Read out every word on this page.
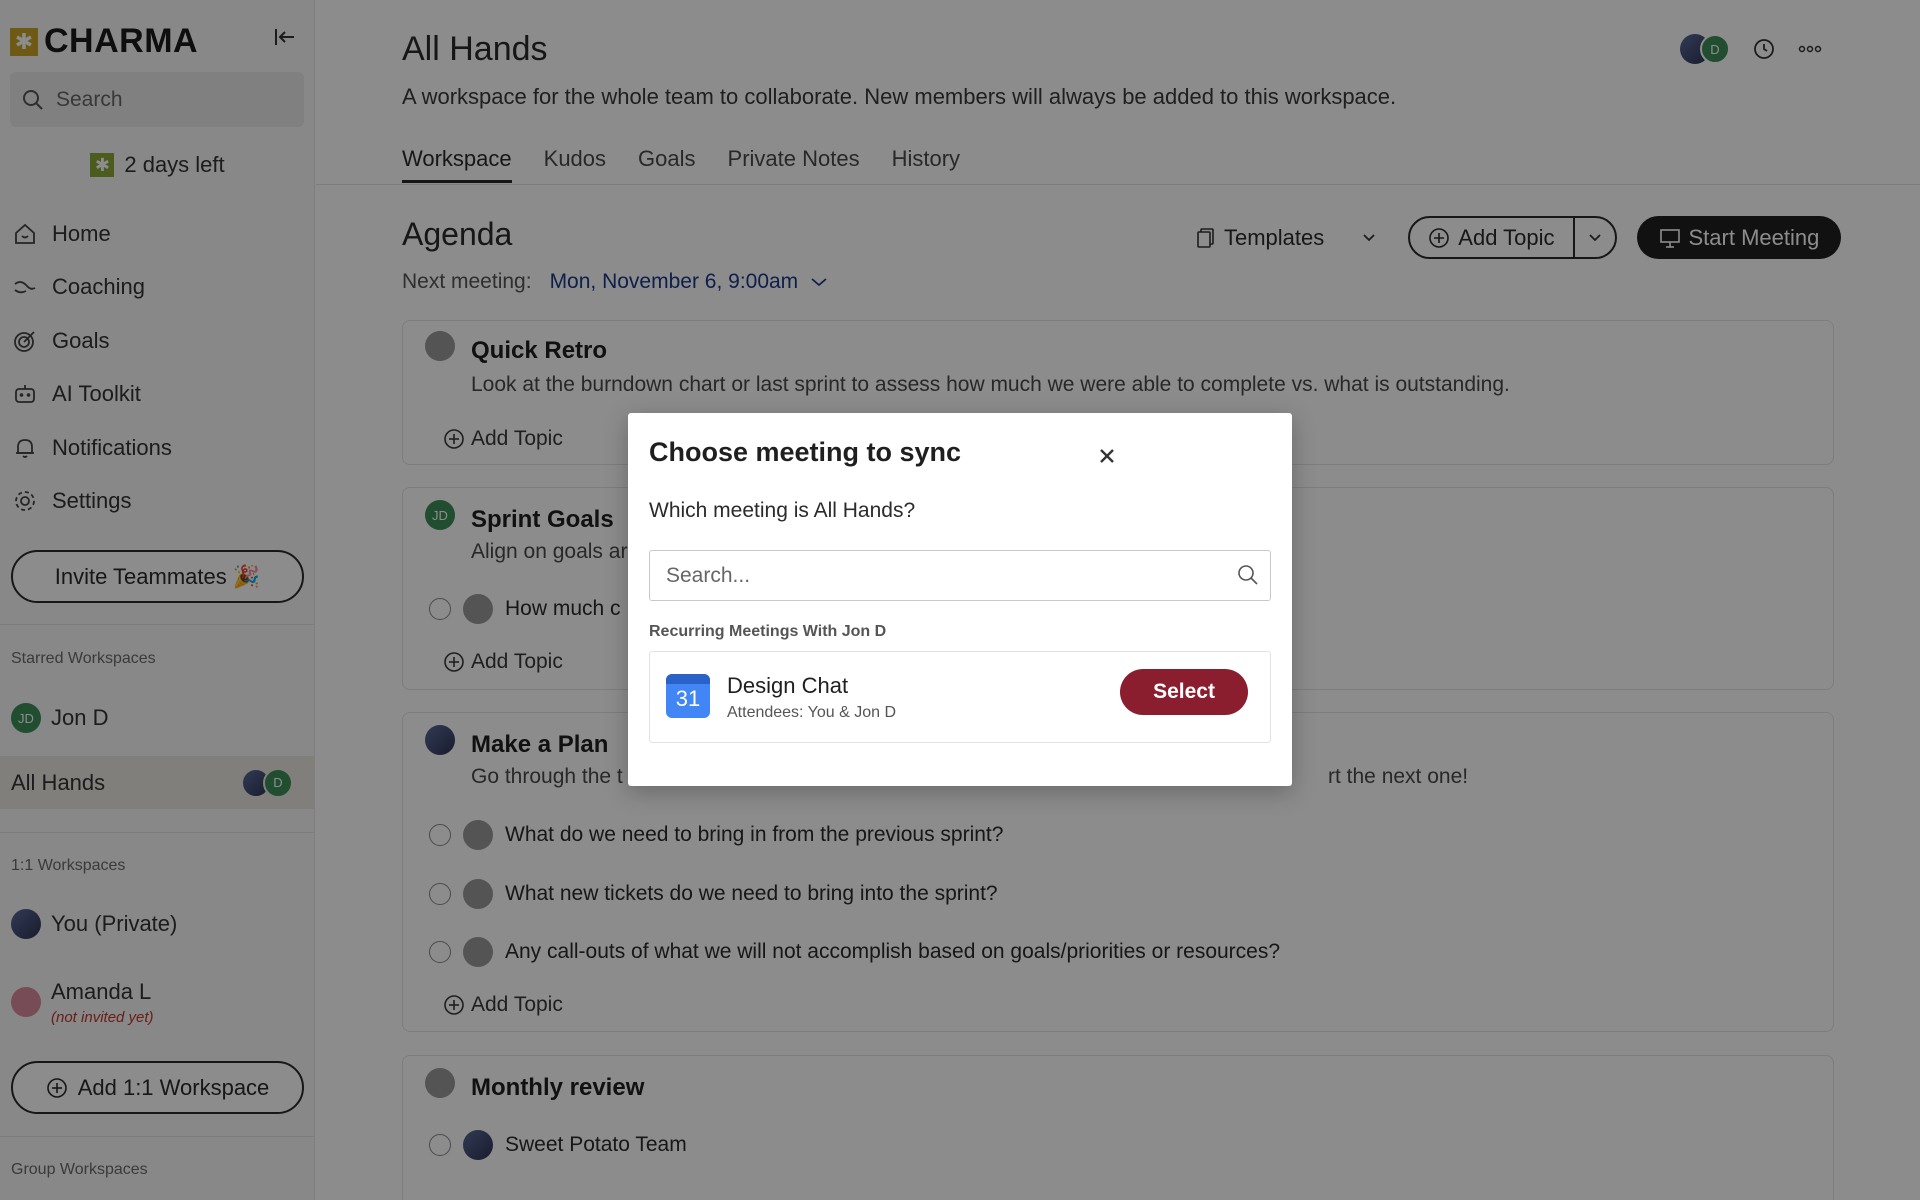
✱ CHARMA
Search
✱ 2 days left
Home
Coaching
Goals
AI Toolkit
Notifications
Settings
Invite Teammates 🎉
Starred Workspaces
JD Jon D
All Hands	D
1:1 Workspaces
You (Private)
Amanda L
(not invited yet)
Add 1:1 Workspace
Group Workspaces
All Hands
A workspace for the whole team to collaborate. New members will always be added to this workspace.
D
Workspace Kudos Goals Private Notes History
Agenda	Templates	Add Topic	Start Meeting
Next meeting: Mon, November 6, 9:00am
Quick Retro
Look at the burndown chart or last sprint to assess how much we were able to complete vs. what is outstanding.
Add Topic
JD Sprint Goals
Align on goals ar
How much c
Add Topic
Make a Plan
Go through the t	rt the next one!
What do we need to bring in from the previous sprint?
What new tickets do we need to bring into the sprint?
Any call-outs of what we will not accomplish based on goals/priorities or resources?
Add Topic
Monthly review
Sweet Potato Team
Choose meeting to sync
Which meeting is All Hands?
Search...
Recurring Meetings With Jon D
31
Design Chat
Attendees: You & Jon D
Select
